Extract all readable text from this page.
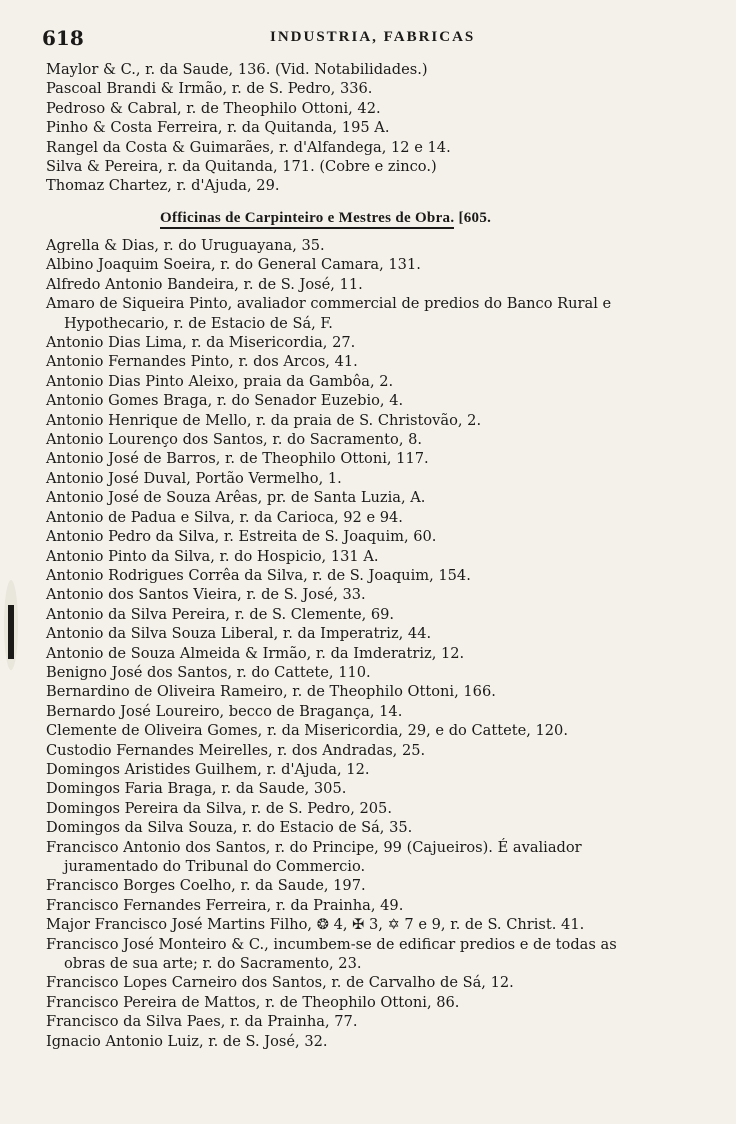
618	INDUSTRIA, FABRICAS
Maylor & C., r. da Saude, 136. (Vid. Notabilidades.)
Pascoal Brandi & Irmão, r. de S. Pedro, 336.
Pedroso & Cabral, r. de Theophilo Ottoni, 42.
Pinho & Costa Ferreira, r. da Quitanda, 195 A.
Rangel da Costa & Guimarães, r. d'Alfandega, 12 e 14.
Silva & Pereira, r. da Quitanda, 171. (Cobre e zinco.)
Thomaz Chartez, r. d'Ajuda, 29.
Officinas de Carpinteiro e Mestres de Obra. [605.
Agrella & Dias, r. do Uruguayana, 35.
Albino Joaquim Soeira, r. do General Camara, 131.
Alfredo Antonio Bandeira, r. de S. José, 11.
Amaro de Siqueira Pinto, avaliador commercial de predios do Banco Rural e
Hypothecario, r. de Estacio de Sá, F.
Antonio Dias Lima, r. da Misericordia, 27.
Antonio Fernandes Pinto, r. dos Arcos, 41.
Antonio Dias Pinto Aleixo, praia da Gambôa, 2.
Antonio Gomes Braga, r. do Senador Euzebio, 4.
Antonio Henrique de Mello, r. da praia de S. Christovão, 2.
Antonio Lourenço dos Santos, r. do Sacramento, 8.
Antonio José de Barros, r. de Theophilo Ottoni, 117.
Antonio José Duval, Portão Vermelho, 1.
Antonio José de Souza Arêas, pr. de Santa Luzia, A.
Antonio de Padua e Silva, r. da Carioca, 92 e 94.
Antonio Pedro da Silva, r. Estreita de S. Joaquim, 60.
Antonio Pinto da Silva, r. do Hospicio, 131 A.
Antonio Rodrigues Corrêa da Silva, r. de S. Joaquim, 154.
Antonio dos Santos Vieira, r. de S. José, 33.
Antonio da Silva Pereira, r. de S. Clemente, 69.
Antonio da Silva Souza Liberal, r. da Imperatriz, 44.
Antonio de Souza Almeida & Irmão, r. da Imderatriz, 12.
Benigno José dos Santos, r. do Cattete, 110.
Bernardino de Oliveira Rameiro, r. de Theophilo Ottoni, 166.
Bernardo José Loureiro, becco de Bragança, 14.
Clemente de Oliveira Gomes, r. da Misericordia, 29, e do Cattete, 120.
Custodio Fernandes Meirelles, r. dos Andradas, 25.
Domingos Aristides Guilhem, r. d'Ajuda, 12.
Domingos Faria Braga, r. da Saude, 305.
Domingos Pereira da Silva, r. de S. Pedro, 205.
Domingos da Silva Souza, r. do Estacio de Sá, 35.
Francisco Antonio dos Santos, r. do Principe, 99 (Cajueiros). É avaliador
juramentado do Tribunal do Commercio.
Francisco Borges Coelho, r. da Saude, 197.
Francisco Fernandes Ferreira, r. da Prainha, 49.
Major Francisco José Martins Filho, ❂ 4, ✠ 3, ✡ 7 e 9, r. de S. Christ. 41.
Francisco José Monteiro & C., incumbem-se de edificar predios e de todas as
obras de sua arte; r. do Sacramento, 23.
Francisco Lopes Carneiro dos Santos, r. de Carvalho de Sá, 12.
Francisco Pereira de Mattos, r. de Theophilo Ottoni, 86.
Francisco da Silva Paes, r. da Prainha, 77.
Ignacio Antonio Luiz, r. de S. José, 32.
